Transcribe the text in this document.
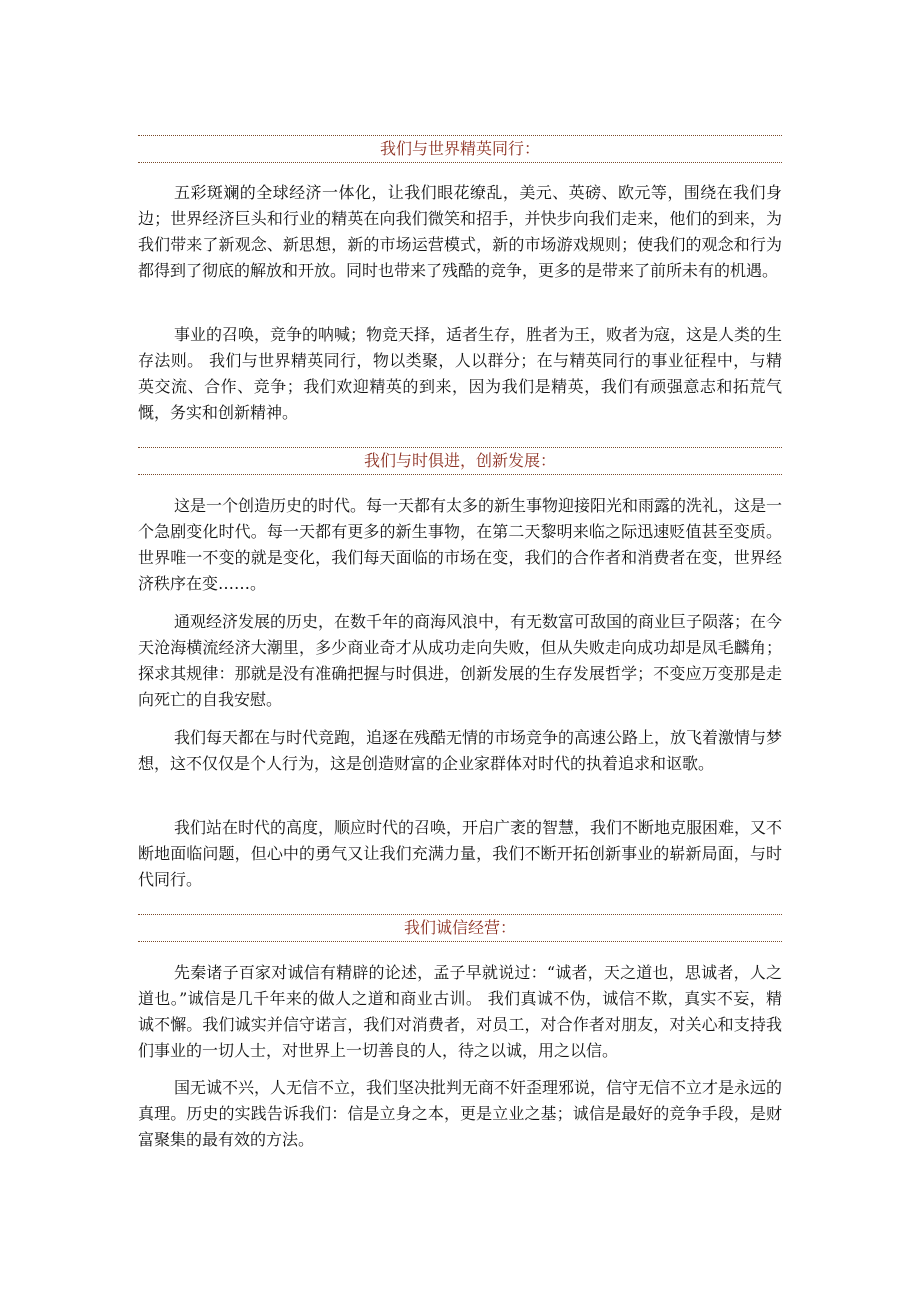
我们与世界精英同行：

五彩斑斓的全球经济一体化，让我们眼花缭乱，美元、英磅、欧元等，围绕在我们身边；世界经济巨头和行业的精英在向我们微笑和招手，并快步向我们走来，他们的到来，为我们带来了新观念、新思想，新的市场运营模式，新的市场游戏规则；使我们的观念和行为都得到了彻底的解放和开放。同时也带来了残酷的竞争，更多的是带来了前所未有的机遇。

事业的召唤，竞争的呐喊；物竞天择，适者生存，胜者为王，败者为寇，这是人类的生存法则。 我们与世界精英同行，物以类聚，人以群分；在与精英同行的事业征程中，与精英交流、合作、竞争；我们欢迎精英的到来，因为我们是精英，我们有顽强意志和拓荒气慨，务实和创新精神。

我们与时俱进，创新发展：

这是一个创造历史的时代。每一天都有太多的新生事物迎接阳光和雨露的洗礼，这是一个急剧变化时代。每一天都有更多的新生事物，在第二天黎明来临之际迅速贬值甚至变质。 世界唯一不变的就是变化，我们每天面临的市场在变，我们的合作者和消费者在变，世界经济秩序在变……。

通观经济发展的历史，在数千年的商海风浪中，有无数富可敌国的商业巨子陨落；在今天沧海横流经济大潮里，多少商业奇才从成功走向失败，但从失败走向成功却是凤毛麟角；探求其规律：那就是没有准确把握与时俱进，创新发展的生存发展哲学；不变应万变那是走向死亡的自我安慰。

我们每天都在与时代竞跑，追逐在残酷无情的市场竞争的高速公路上，放飞着激情与梦想，这不仅仅是个人行为，这是创造财富的企业家群体对时代的执着追求和讴歌。

我们站在时代的高度，顺应时代的召唤，开启广袤的智慧，我们不断地克服困难，又不断地面临问题，但心中的勇气又让我们充满力量，我们不断开拓创新事业的崭新局面，与时代同行。

我们诚信经营：

先秦诸子百家对诚信有精辟的论述，孟子早就说过：“诚者，天之道也，思诚者，人之道也。”诚信是几千年来的做人之道和商业古训。 我们真诚不伪，诚信不欺，真实不妄，精诚不懈。我们诚实并信守诺言，我们对消费者，对员工，对合作者对朋友，对关心和支持我们事业的一切人士，对世界上一切善良的人，待之以诚，用之以信。

国无诚不兴，人无信不立，我们坚决批判无商不奸歪理邪说，信守无信不立才是永远的真理。历史的实践告诉我们：信是立身之本，更是立业之基；诚信是最好的竞争手段，是财富聚集的最有效的方法。
